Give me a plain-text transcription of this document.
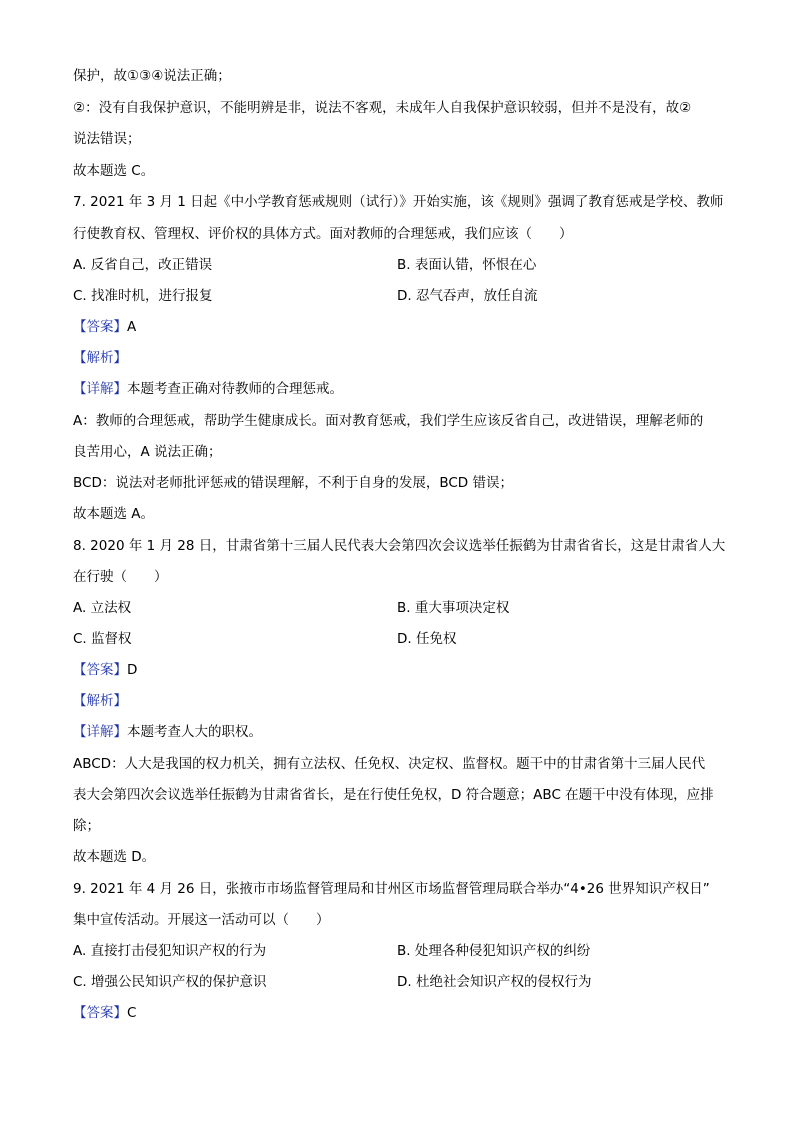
保护，故①③④说法正确；
②：没有自我保护意识，不能明辨是非，说法不客观，未成年人自我保护意识较弱，但并不是没有，故②
说法错误；
故本题选 C。
7. 2021 年 3 月 1 日起《中小学教育惩戒规则（试行）》开始实施，该《规则》强调了教育惩戒是学校、教师
行使教育权、管理权、评价权的具体方式。面对教师的合理惩戒，我们应该（　　）
A. 反省自己，改正错误	B. 表面认错，怀恨在心
C. 找准时机，进行报复	D. 忍气吞声，放任自流
【答案】A
【解析】
【详解】本题考查正确对待教师的合理惩戒。
A：教师的合理惩戒，帮助学生健康成长。面对教育惩戒，我们学生应该反省自己，改进错误，理解老师的
良苦用心，A 说法正确；
BCD：说法对老师批评惩戒的错误理解，不利于自身的发展，BCD 错误；
故本题选 A。
8. 2020 年 1 月 28 日，甘肃省第十三届人民代表大会第四次会议选举任振鹤为甘肃省省长，这是甘肃省人大
在行驶（　　）
A. 立法权	B. 重大事项决定权
C. 监督权	D. 任免权
【答案】D
【解析】
【详解】本题考查人大的职权。
ABCD：人大是我国的权力机关，拥有立法权、任免权、决定权、监督权。题干中的甘肃省第十三届人民代
表大会第四次会议选举任振鹤为甘肃省省长，是在行使任免权，D 符合题意；ABC 在题干中没有体现，应排
除；
故本题选 D。
9. 2021 年 4 月 26 日，张掖市市场监督管理局和甘州区市场监督管理局联合举办“4•26 世界知识产权日”
集中宣传活动。开展这一活动可以（　　）
A. 直接打击侵犯知识产权的行为	B. 处理各种侵犯知识产权的纠纷
C. 增强公民知识产权的保护意识	D. 杜绝社会知识产权的侵权行为
【答案】C
